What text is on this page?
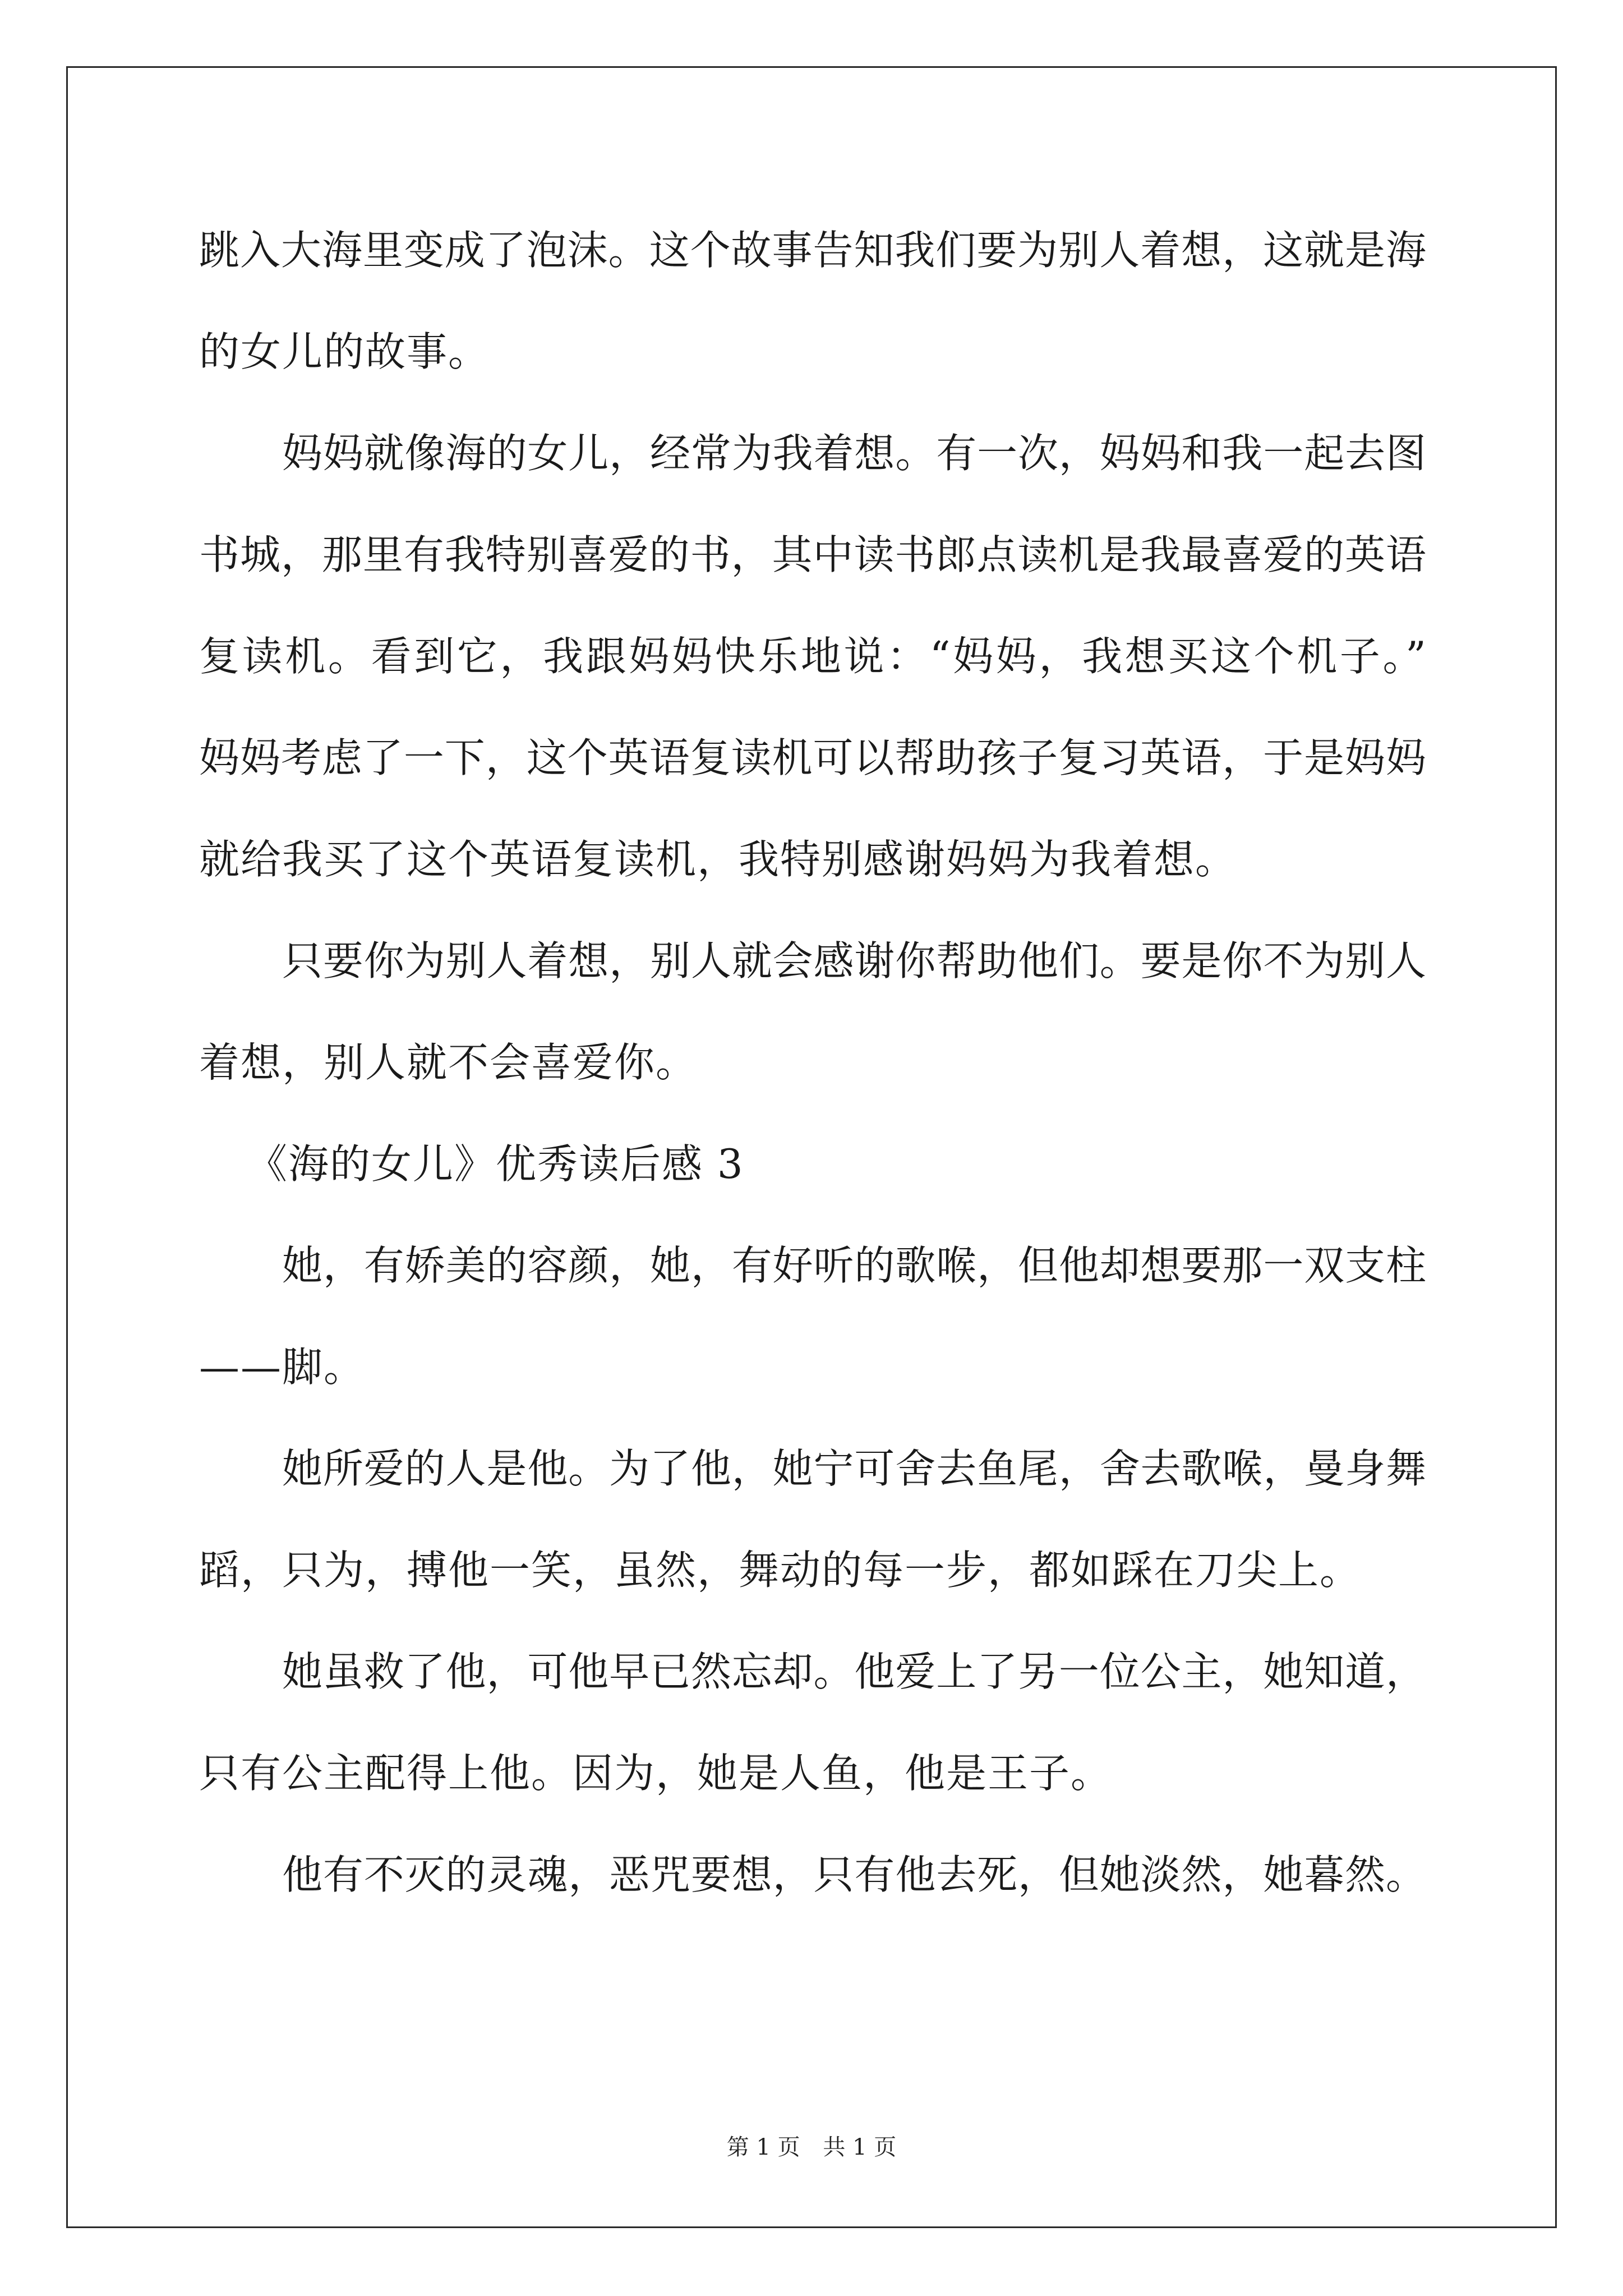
跳入大海里变成了泡沫。这个故事告知我们要为别人着想，这就是海

的女儿的故事。

妈妈就像海的女儿，经常为我着想。有一次，妈妈和我一起去图

书城，那里有我特别喜爱的书，其中读书郎点读机是我最喜爱的英语

复读机。看到它，我跟妈妈快乐地说：“妈妈，我想买这个机子。”

妈妈考虑了一下，这个英语复读机可以帮助孩子复习英语，于是妈妈

就给我买了这个英语复读机，我特别感谢妈妈为我着想。

只要你为别人着想，别人就会感谢你帮助他们。要是你不为别人

着想，别人就不会喜爱你。

《海的女儿》优秀读后感 3

她，有娇美的容颜，她，有好听的歌喉，但他却想要那一双支柱

——脚。

她所爱的人是他。为了他，她宁可舍去鱼尾，舍去歌喉，曼身舞

蹈，只为，搏他一笑，虽然，舞动的每一步，都如踩在刀尖上。

她虽救了他，可他早已然忘却。他爱上了另一位公主，她知道，

只有公主配得上他。因为，她是人鱼，他是王子。

他有不灭的灵魂，恶咒要想，只有他去死，但她淡然，她暮然。

第 1 页 共 1 页
